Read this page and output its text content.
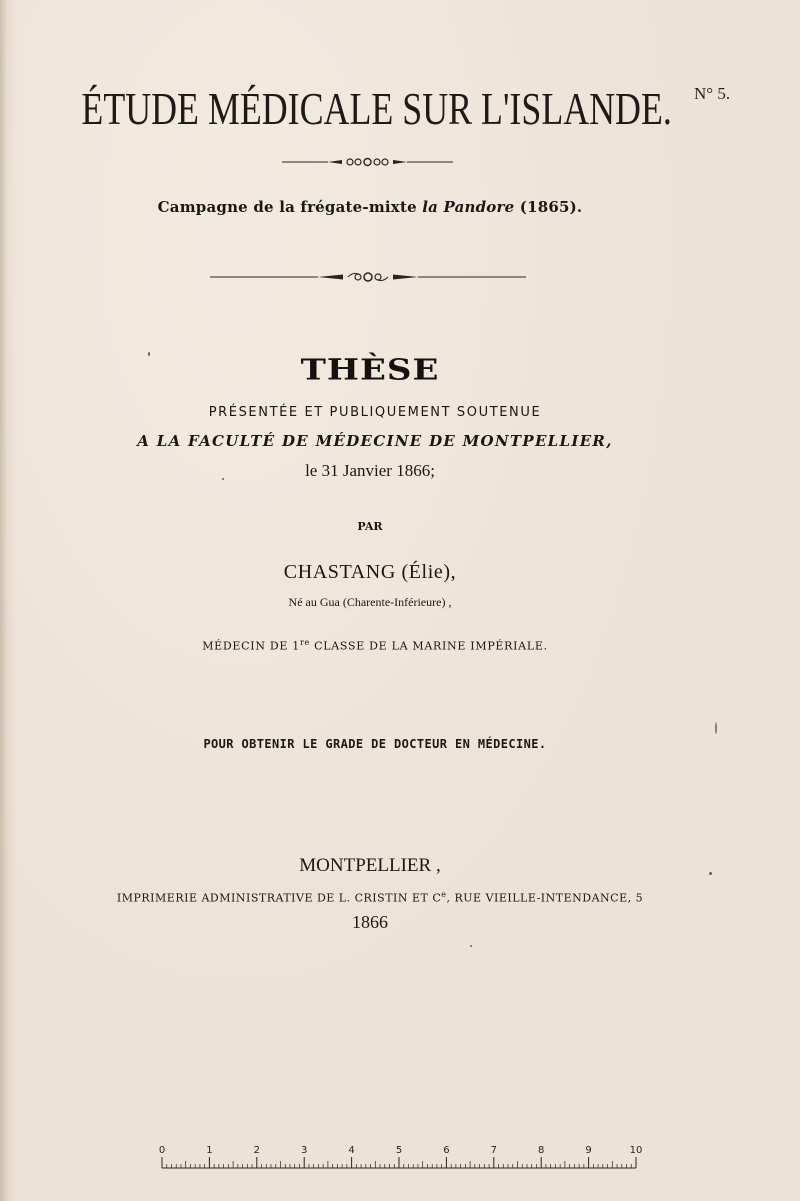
ÉTUDE MÉDICALE SUR L'ISLANDE. N° 5.
Campagne de la frégate-mixte la Pandore (1865).
THÈSE
PRÉSENTÉE ET PUBLIQUEMENT SOUTENUE
A LA FACULTÉ DE MÉDECINE DE MONTPELLIER,
le 31 Janvier 1866;
PAR
CHASTANG (Élie),
Né au Gua (Charente-Inférieure) ,
MÉDECIN DE 1re CLASSE DE LA MARINE IMPÉRIALE.
POUR OBTENIR LE GRADE DE DOCTEUR EN MÉDECINE.
MONTPELLIER ,
IMPRIMERIE ADMINISTRATIVE DE L. CRISTIN ET Ce, RUE VIEILLE-INTENDANCE, 5
1866
0	1	2	3	4	5	6	7	8	9	10
